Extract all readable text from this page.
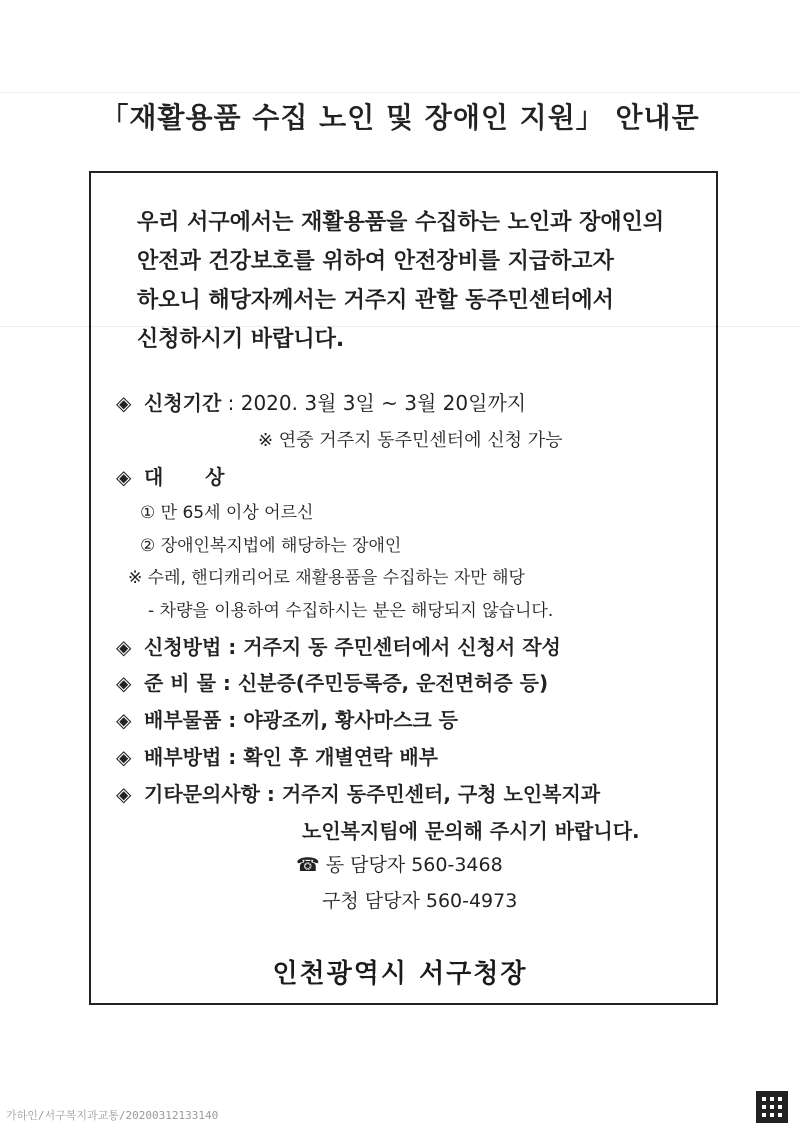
「재활용품 수집 노인 및 장애인 지원」 안내문
우리 서구에서는 재활용품을 수집하는 노인과 장애인의
안전과 건강보호를 위하여 안전장비를 지급하고자
하오니 해당자께서는 거주지 관할 동주민센터에서
신청하시기 바랍니다.
◈ 신청기간 : 2020. 3월 3일 ~ 3월 20일까지
※ 연중 거주지 동주민센터에 신청 가능
◈ 대      상
① 만 65세 이상 어르신
② 장애인복지법에 해당하는 장애인
※ 수레, 핸디캐리어로 재활용품을 수집하는 자만 해당
- 차량을 이용하여 수집하시는 분은 해당되지 않습니다.
◈ 신청방법 : 거주지 동 주민센터에서 신청서 작성
◈ 준 비 물 : 신분증(주민등록증, 운전면허증 등)
◈ 배부물품 : 야광조끼, 황사마스크 등
◈ 배부방법 : 확인 후 개별연락 배부
◈ 기타문의사항 : 거주지 동주민센터, 구청 노인복지과
노인복지팀에 문의해 주시기 바랍니다.
☎ 동 담당자 560-3468
구청 담당자 560-4973
인천광역시 서구청장
가하인/서구복지과교통/20200312133140
